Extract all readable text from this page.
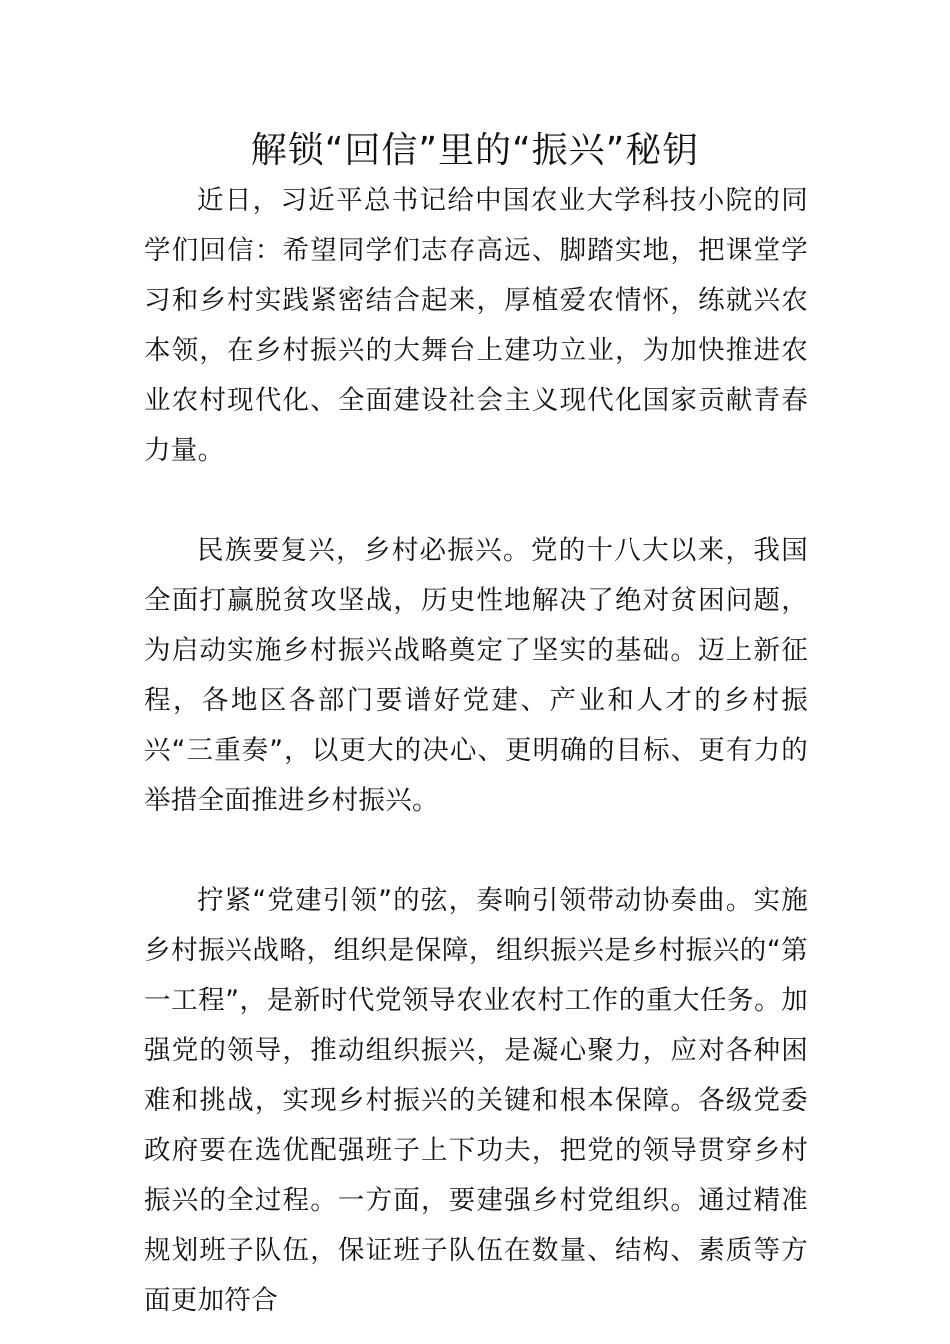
解锁“回信”里的“振兴”秘钥

近日，习近平总书记给中国农业大学科技小院的同学们回信：希望同学们志存高远、脚踏实地，把课堂学习和乡村实践紧密结合起来，厚植爱农情怀，练就兴农本领，在乡村振兴的大舞台上建功立业，为加快推进农业农村现代化、全面建设社会主义现代化国家贡献青春力量。

民族要复兴，乡村必振兴。党的十八大以来，我国全面打赢脱贫攻坚战，历史性地解决了绝对贫困问题，为启动实施乡村振兴战略奠定了坚实的基础。迈上新征程，各地区各部门要谱好党建、产业和人才的乡村振兴“三重奏”，以更大的决心、更明确的目标、更有力的举措全面推进乡村振兴。

拧紧“党建引领”的弦，奏响引领带动协奏曲。实施乡村振兴战略，组织是保障，组织振兴是乡村振兴的“第一工程”，是新时代党领导农业农村工作的重大任务。加强党的领导，推动组织振兴，是凝心聚力，应对各种困难和挑战，实现乡村振兴的关键和根本保障。各级党委政府要在选优配强班子上下功夫，把党的领导贯穿乡村振兴的全过程。一方面，要建强乡村党组织。通过精准规划班子队伍，保证班子队伍在数量、结构、素质等方面更加符合
